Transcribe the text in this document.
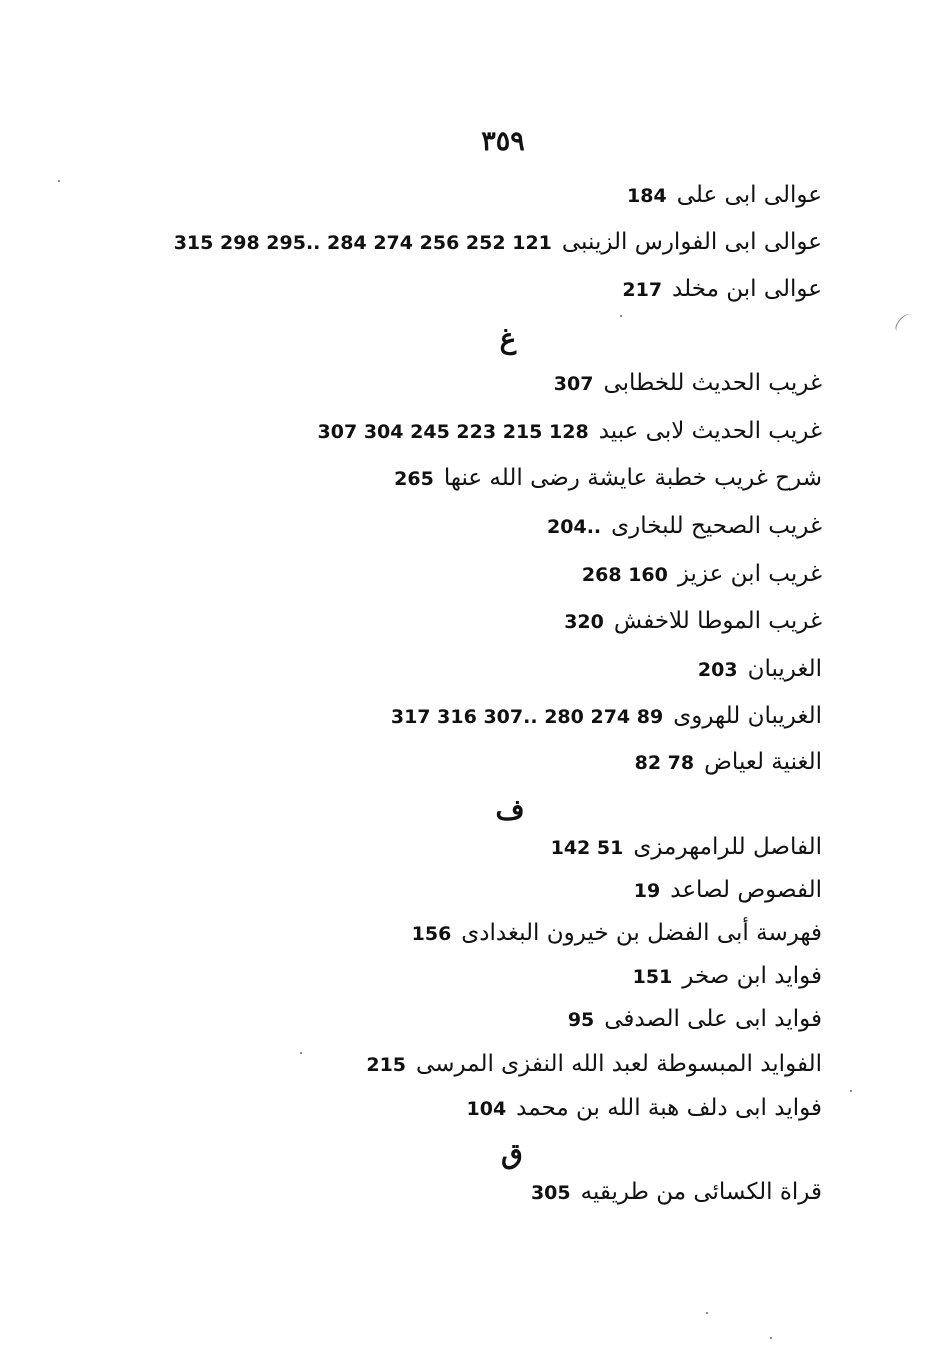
٣٥٩
عوالى ابى على184
عوالى ابى الفوارس الزينبى121 252 256 274 284 ..295 298 315
عوالى ابن مخلد217
غ
غريب الحديث للخطابى307
غريب الحديث لابى عبيد128 215 223 245 304 307
شرح غريب خطبة عايشة رضى الله عنها265
غريب الصحيح للبخارى..204
غريب ابن عزيز160 268
غريب الموطا للاخفش320
الغريبان203
الغريبان للهروى89 274 280 ..307 316 317
الغنية لعياض78 82
ف
الفاصل للرامهرمزى51 142
الفصوص لصاعد19
فهرسة أبى الفضل بن خيرون البغدادى156
فوايد ابن صخر151
فوايد ابى على الصدفى95
الفوايد المبسوطة لعبد الله النفزى المرسى215
فوايد ابى دلف هبة الله بن محمد104
ق
قراة الكسائى من طريقيه305
